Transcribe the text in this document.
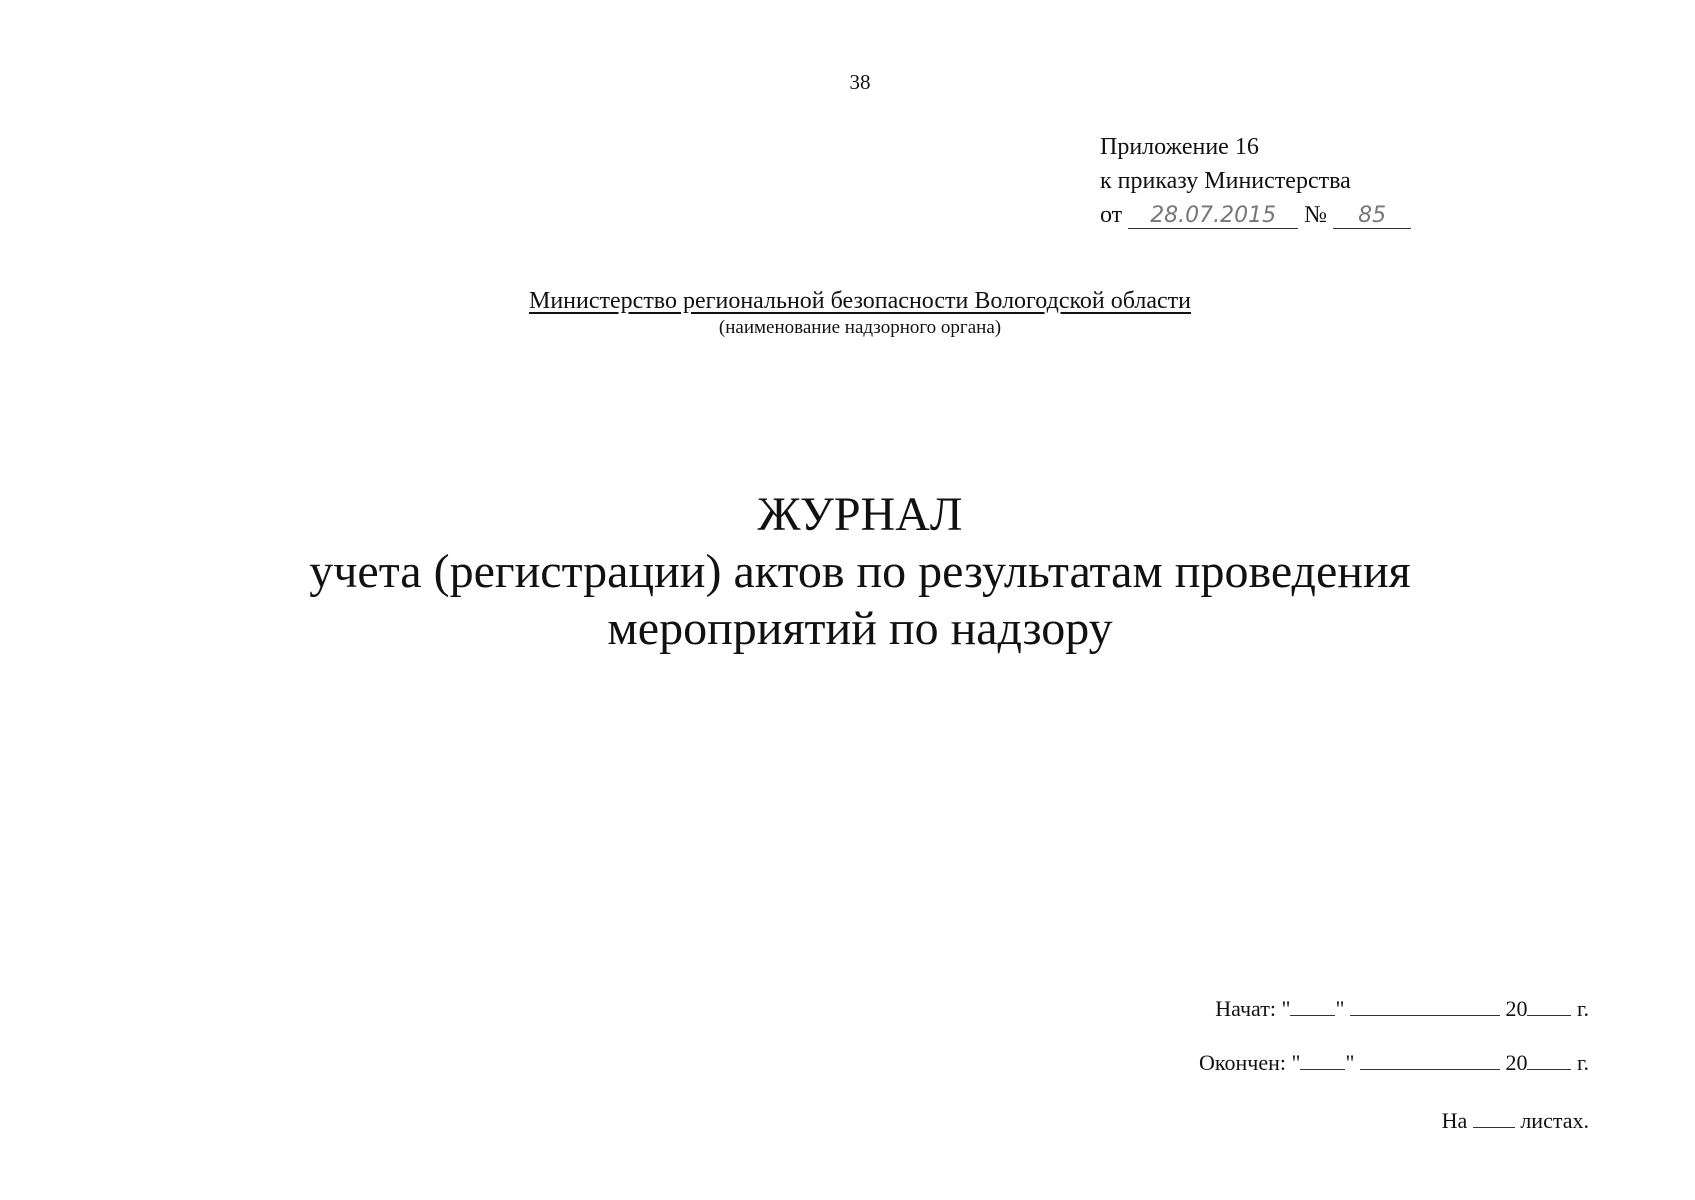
38
Приложение 16
к приказу Министерства
от 28.07.2015 № 85
Министерство региональной безопасности Вологодской области
(наименование надзорного органа)
ЖУРНАЛ
учета (регистрации) актов по результатам проведения
мероприятий по надзору
Начат: " "	20 г.
Окончен: " "	20 г.
На листах.
